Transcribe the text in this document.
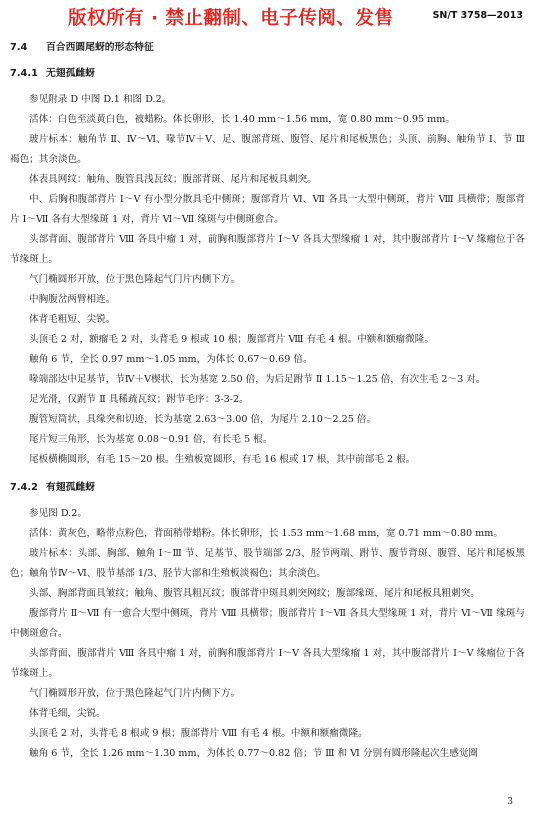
版权所有 · 禁止翻制、电子传阅、发售	SN/T 3758—2013
7.4 百合西圆尾蚜的形态特征
7.4.1 无翅孤雌蚜

参见附录 D 中图 D.1 和图 D.2。

活体：白色至淡黄白色，被蜡粉。体长卵形，长 1.40 mm～1.56 mm，宽 0.80 mm～0.95 mm。

玻片标本：触角节 Ⅱ、Ⅳ～Ⅵ、喙节Ⅳ＋Ⅴ、足、腹部背斑、腹管、尾片和尾板黑色；头顶、前胸、触角节 Ⅰ、节 Ⅲ 褐色；其余淡色。

体表具网纹：触角、腹管具浅瓦纹；腹部背斑、尾片和尾板具刺突。

中、后胸和腹部背片 Ⅰ～Ⅴ 有小型分散具毛中侧斑；腹部背片 Ⅵ、Ⅶ 各具一大型中侧斑，背片 Ⅷ 具横带；腹部背片 Ⅰ～Ⅶ 各有大型缘斑 1 对，背片 Ⅵ～Ⅶ 缘斑与中侧斑愈合。

头部背面、腹部背片 Ⅷ 各具中瘤 1 对，前胸和腹部背片 Ⅰ～Ⅴ 各具大型缘瘤 1 对，其中腹部背片 Ⅰ～Ⅴ 缘瘤位于各节缘斑上。

气门椭圆形开放，位于黑色隆起气门片内侧下方。

中胸腹岔两臂相连。

体背毛粗短、尖锐。

头顶毛 2 对，额瘤毛 2 对，头背毛 9 根或 10 根；腹部背片 Ⅷ 有毛 4 根。中额和额瘤微隆。

触角 6 节，全长 0.97 mm～1.05 mm，为体长 0.67～0.69 倍。

喙端部达中足基节，节Ⅳ＋Ⅴ楔状，长为基宽 2.50 倍，为后足跗节 Ⅱ 1.15～1.25 倍，有次生毛 2～3 对。

足光滑，仅跗节 Ⅱ 具稀疏瓦纹；跗节毛序：3-3-2。

腹管短筒状，具缘突和切迹，长为基宽 2.63～3.00 倍，为尾片 2.10～2.25 倍。

尾片短三角形，长为基宽 0.08～0.91 倍，有长毛 5 根。

尾板横椭圆形，有毛 15～20 根。生殖板宽圆形，有毛 16 根或 17 根，其中前部毛 2 根。

7.4.2 有翅孤雌蚜

参见图 D.2。

活体：黄灰色，略带点粉色，背面稍带蜡粉。体长卵形，长 1.53 mm～1.68 mm，宽 0.71 mm～0.80 mm。

玻片标本：头部、胸部、触角 Ⅰ～Ⅲ 节、足基节、股节端部 2/3、胫节两端、跗节、腹节背斑、腹管、尾片和尾板黑色；触角节Ⅳ～Ⅵ、股节基部 1/3、胫节大部和生殖板淡褐色；其余淡色。

头部、胸部背面具皱纹；触角、腹管具粗瓦纹；腹部背中斑具刺突网纹；腹部缘斑、尾片和尾板具粗刺突。

腹部背片 Ⅱ～Ⅶ 有一愈合大型中侧斑，背片 Ⅷ 具横带；腹部背片 Ⅰ～Ⅶ 各具大型缘斑 1 对，背片 Ⅵ～Ⅶ 缘斑与中侧斑愈合。

头部背面、腹部背片 Ⅷ 各具中瘤 1 对，前胸和腹部背片 Ⅰ～Ⅴ 各具大型缘瘤 1 对，其中腹部背片 Ⅰ～Ⅴ 缘瘤位于各节缘斑上。

气门椭圆形开放，位于黑色隆起气门片内侧下方。

体背毛细，尖锐。

头顶毛 2 对，头背毛 8 根或 9 根；腹部背片 Ⅷ 有毛 4 根。中额和额瘤微隆。

触角 6 节，全长 1.26 mm～1.30 mm，为体长 0.77～0.82 倍；节 Ⅲ 和 Ⅵ 分别有圆形隆起次生感觉圈

3
